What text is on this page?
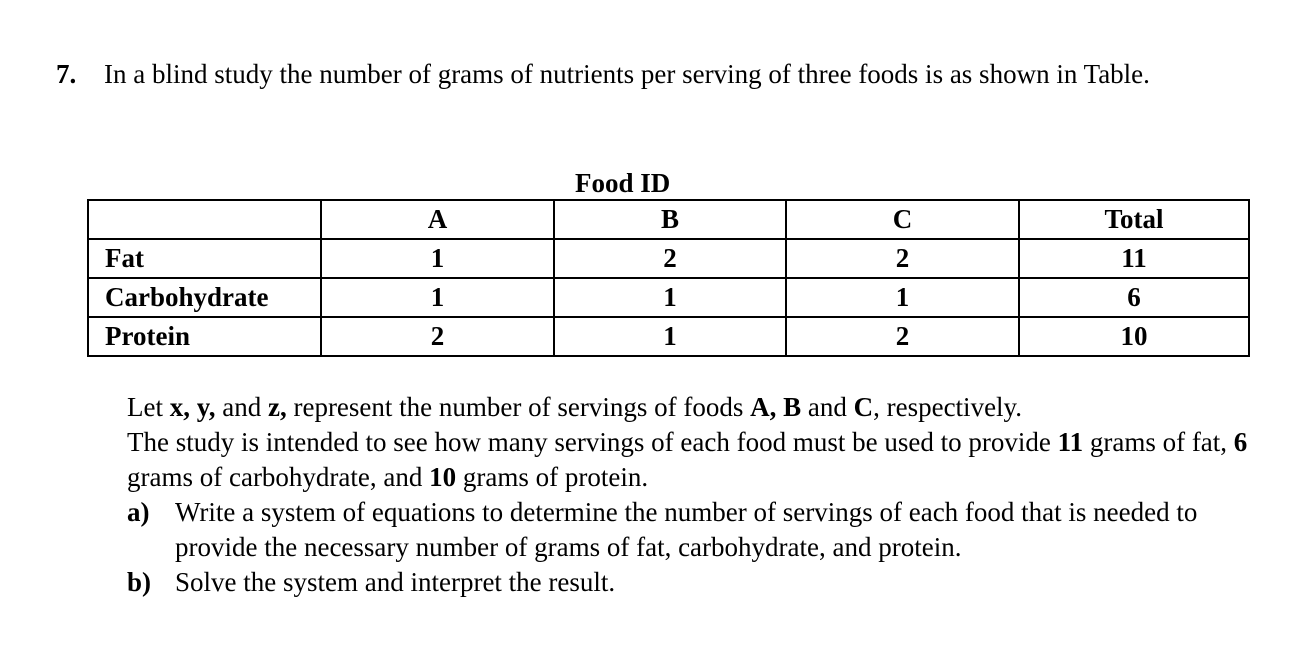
7. In a blind study the number of grams of nutrients per serving of three foods is as shown in Table.
Food ID
	A	B	C	Total
Fat	1	2	2	11
Carbohydrate	1	1	1	6
Protein	2	1	2	10

Let x, y, and z, represent the number of servings of foods A, B and C, respectively.

The study is intended to see how many servings of each food must be used to provide 11 grams of fat, 6 grams of carbohydrate, and 10 grams of protein.

a) Write a system of equations to determine the number of servings of each food that is needed to provide the necessary number of grams of fat, carbohydrate, and protein.
b) Solve the system and interpret the result.
